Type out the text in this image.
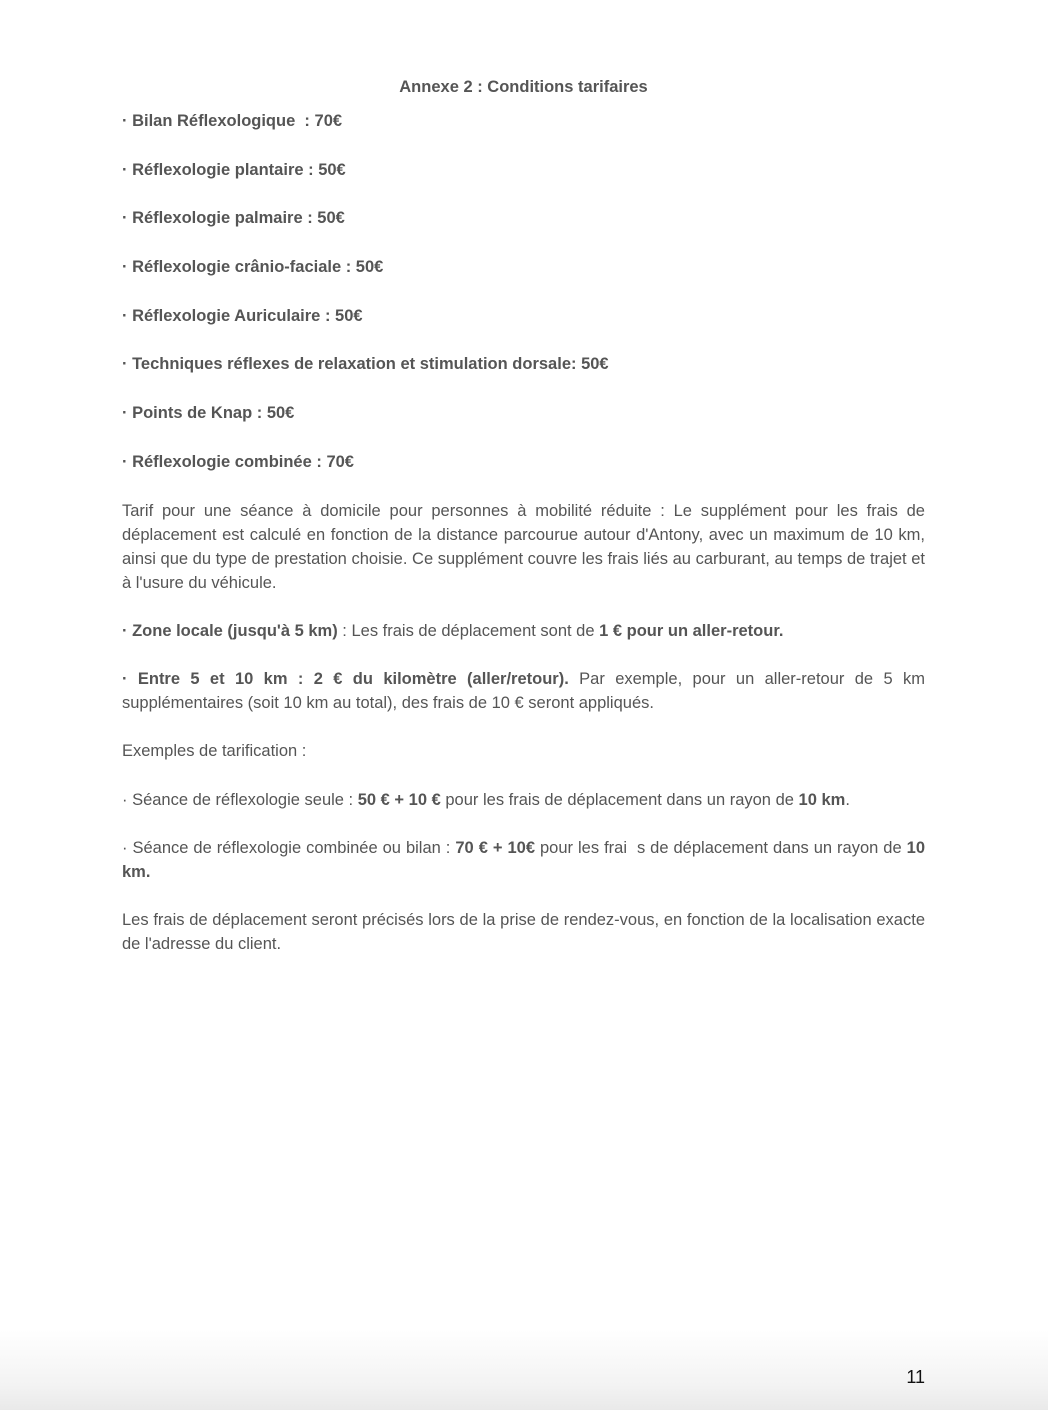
Annexe 2 : Conditions tarifaires
· Bilan Réflexologique  : 70€
· Réflexologie plantaire : 50€
· Réflexologie palmaire : 50€
· Réflexologie crânio-faciale : 50€
· Réflexologie Auriculaire : 50€
· Techniques réflexes de relaxation et stimulation dorsale: 50€
· Points de Knap : 50€
· Réflexologie combinée : 70€

Tarif pour une séance à domicile pour personnes à mobilité réduite : Le supplément pour les frais de déplacement est calculé en fonction de la distance parcourue autour d'Antony, avec un maximum de 10 km, ainsi que du type de prestation choisie. Ce supplément couvre les frais liés au carburant, au temps de trajet et à l'usure du véhicule.

· Zone locale (jusqu'à 5 km) : Les frais de déplacement sont de 1 € pour un aller-retour.

· Entre 5 et 10 km : 2 € du kilomètre (aller/retour). Par exemple, pour un aller-retour de 5 km supplémentaires (soit 10 km au total), des frais de 10 € seront appliqués.

Exemples de tarification :

· Séance de réflexologie seule : 50 € + 10 € pour les frais de déplacement dans un rayon de 10 km.

· Séance de réflexologie combinée ou bilan : 70 € + 10€ pour les frai  s de déplacement dans un rayon de 10 km.

Les frais de déplacement seront précisés lors de la prise de rendez-vous, en fonction de la localisation exacte de l'adresse du client.

11
